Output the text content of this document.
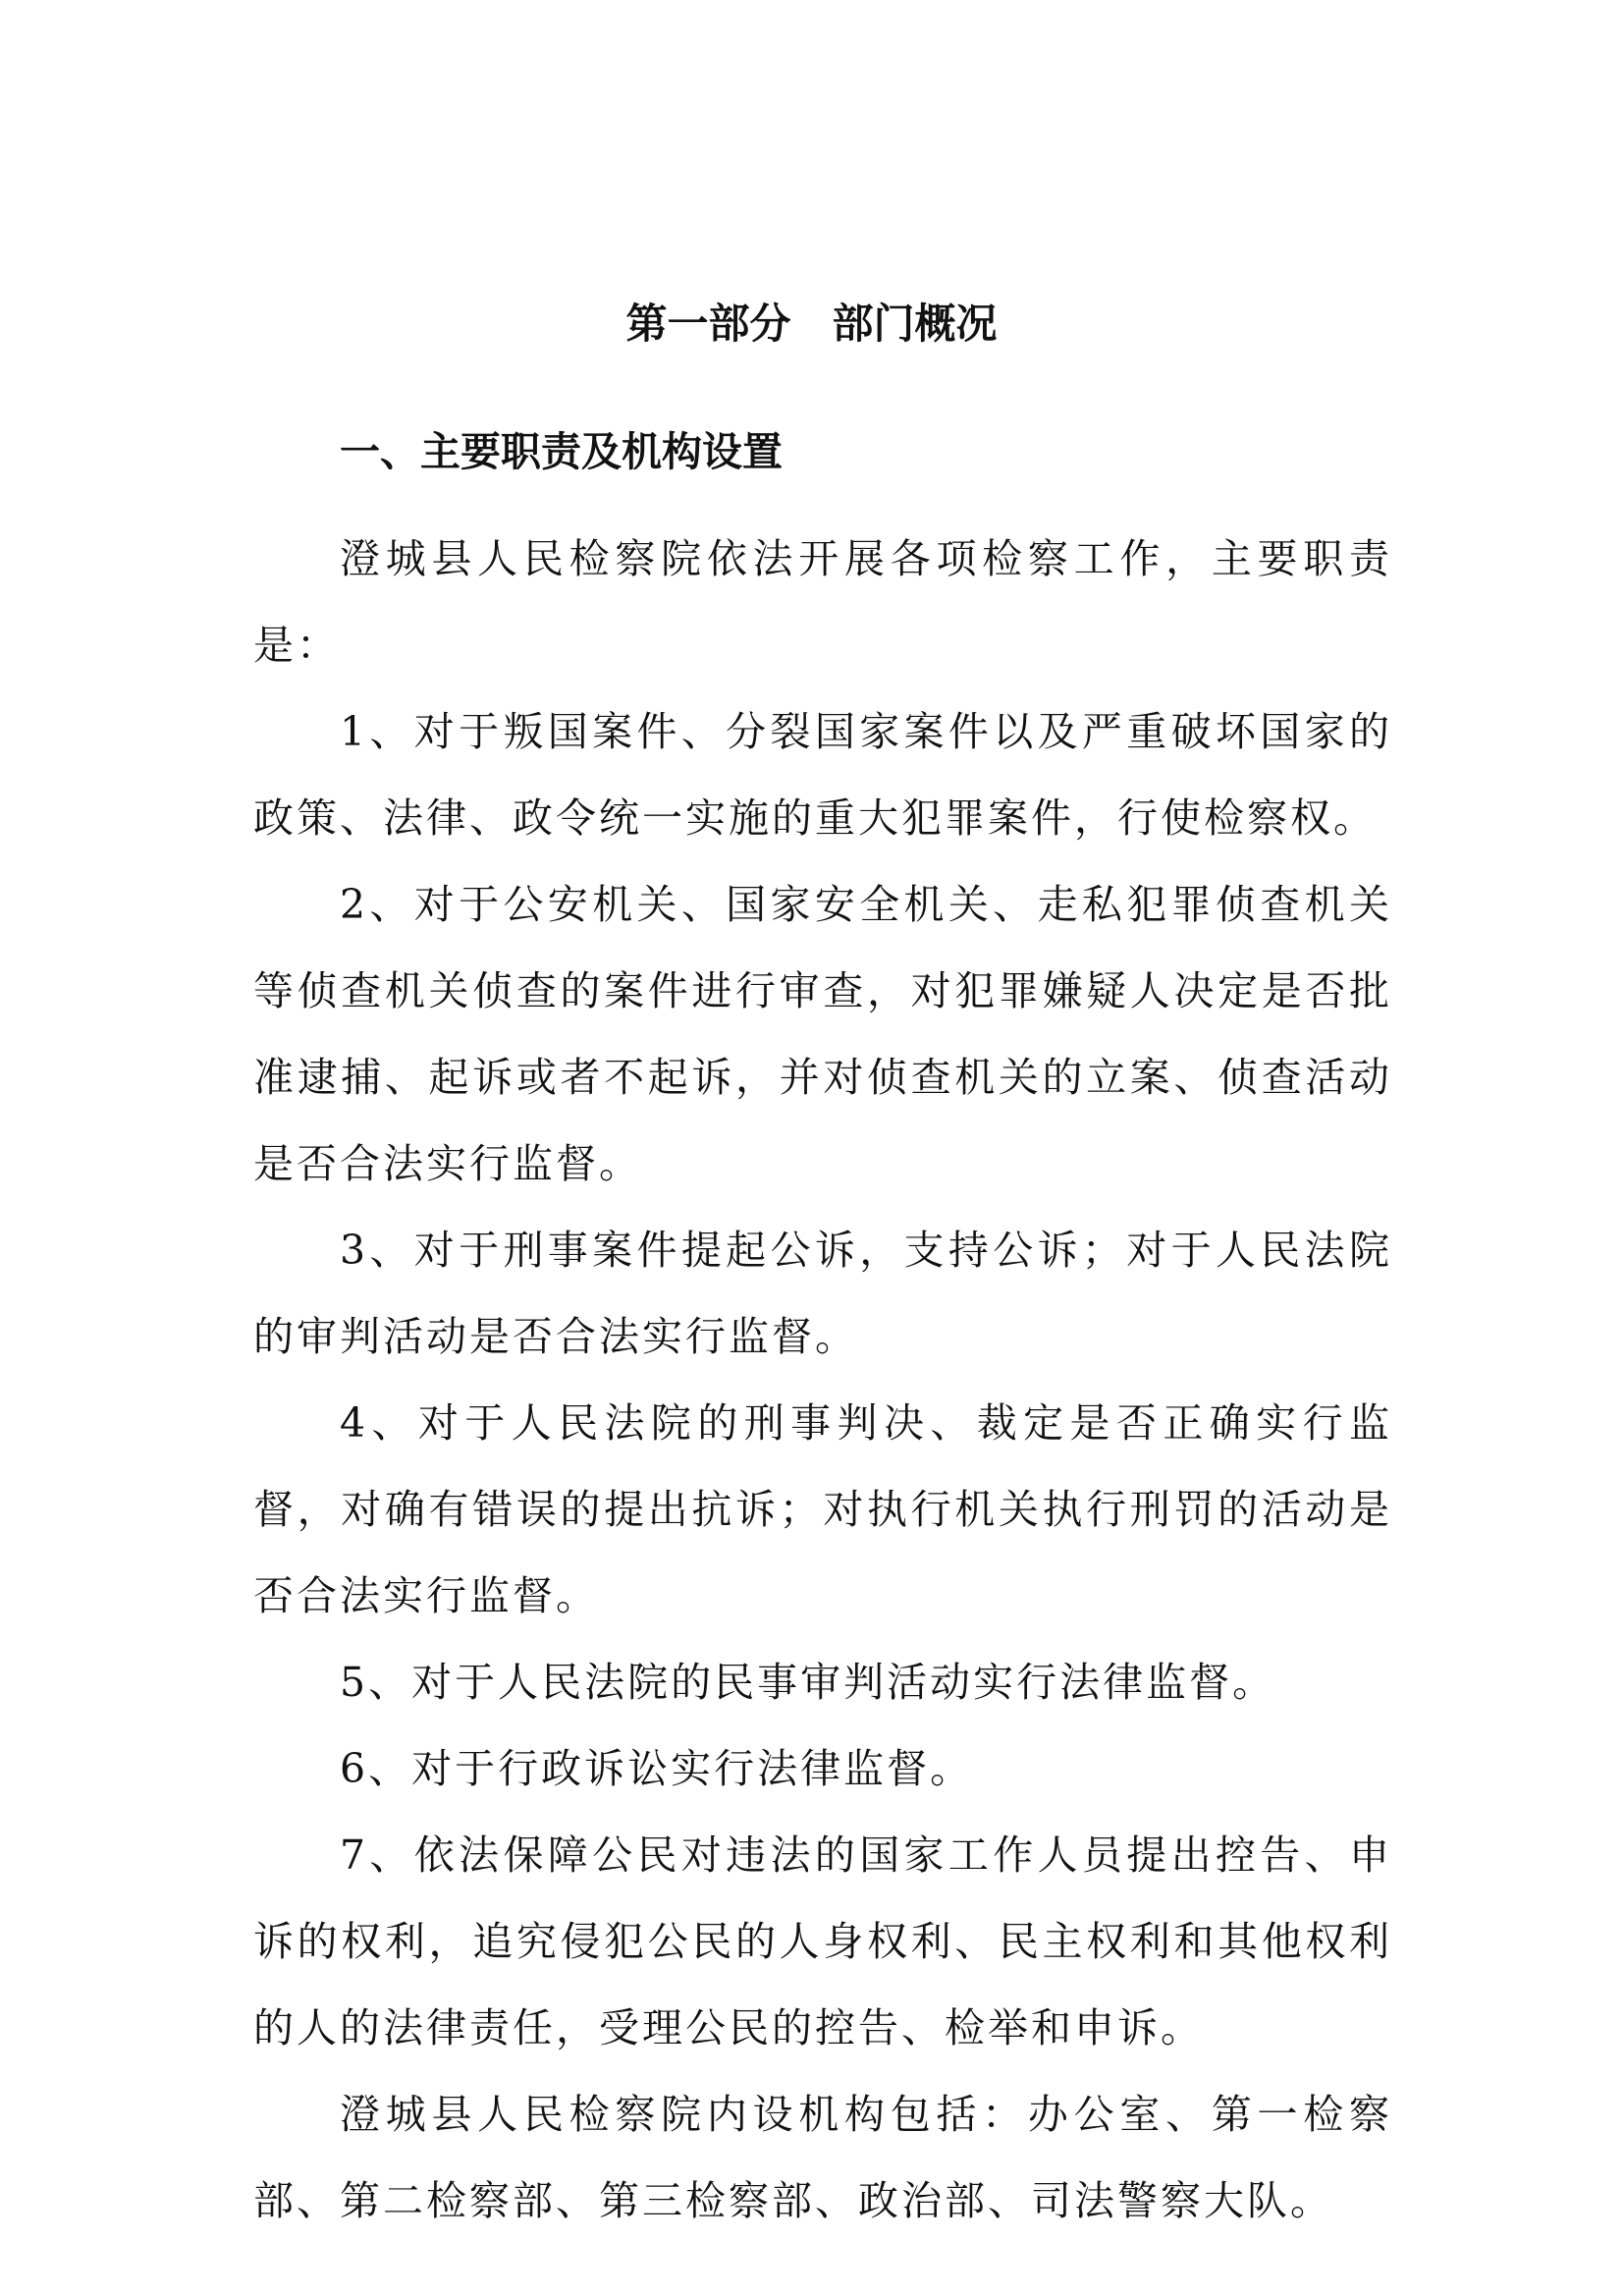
第一部分　部门概况
一、主要职责及机构设置

澄城县人民检察院依法开展各项检察工作，主要职责是：

1、对于叛国案件、分裂国家案件以及严重破坏国家的政策、法律、政令统一实施的重大犯罪案件，行使检察权。

2、对于公安机关、国家安全机关、走私犯罪侦查机关等侦查机关侦查的案件进行审查，对犯罪嫌疑人决定是否批准逮捕、起诉或者不起诉，并对侦查机关的立案、侦查活动是否合法实行监督。

3、对于刑事案件提起公诉，支持公诉；对于人民法院的审判活动是否合法实行监督。

4、对于人民法院的刑事判决、裁定是否正确实行监督，对确有错误的提出抗诉；对执行机关执行刑罚的活动是否合法实行监督。

5、对于人民法院的民事审判活动实行法律监督。

6、对于行政诉讼实行法律监督。

7、依法保障公民对违法的国家工作人员提出控告、申诉的权利，追究侵犯公民的人身权利、民主权利和其他权利的人的法律责任，受理公民的控告、检举和申诉。

澄城县人民检察院内设机构包括：办公室、第一检察部、第二检察部、第三检察部、政治部、司法警察大队。
